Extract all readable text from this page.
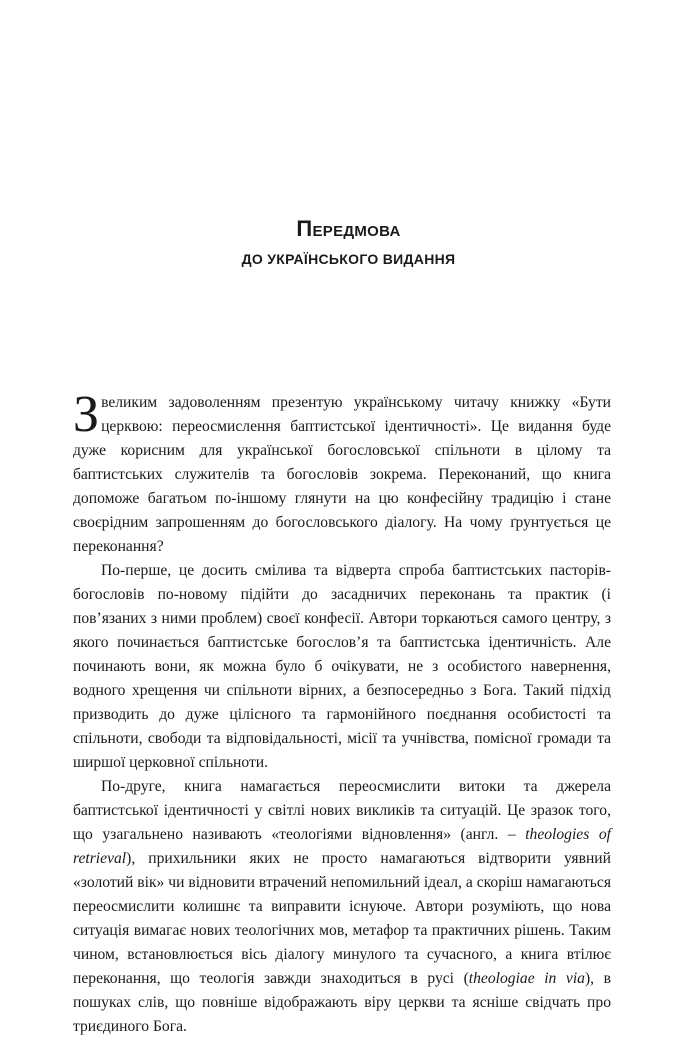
Передмова
ДО УКРАЇНСЬКОГО ВИДАННЯ

З великим задоволенням презентую українському читачу книжку «Бути церквою: переосмислення баптистської ідентичності». Це видання буде дуже корисним для української богословської спільноти в цілому та баптистських служителів та богословів зокрема. Переконаний, що книга допоможе багатьом по-іншому глянути на цю конфесійну традицію і стане своєрідним запрошенням до богословського діалогу. На чому ґрунтується це переконання?

По-перше, це досить смілива та відверта спроба баптистських пасторів-богословів по-новому підійти до засадничих переконань та практик (і пов’язаних з ними проблем) своєї конфесії. Автори торкаються самого центру, з якого починається баптистське богослов’я та баптистська ідентичність. Але починають вони, як можна було б очікувати, не з особистого навернення, водного хрещення чи спільноти вірних, а безпосередньо з Бога. Такий підхід призводить до дуже цілісного та гармонійного поєднання особистості та спільноти, свободи та відповідальності, місії та учнівства, помісної громади та ширшої церковної спільноти.

По-друге, книга намагається переосмислити витоки та джерела баптистської ідентичності у світлі нових викликів та ситуацій. Це зразок того, що узагальнено називають «теологіями відновлення» (англ. – theologies of retrieval), прихильники яких не просто намагаються відтворити уявний «золотий вік» чи відновити втрачений непомильний ідеал, а скоріш намагаються переосмислити колишнє та виправити існуюче. Автори розуміють, що нова ситуація вимагає нових теологічних мов, метафор та практичних рішень. Таким чином, встановлюється вісь діалогу минулого та сучасного, а книга втілює переконання, що теологія завжди знаходиться в русі (theologiae in via), в пошуках слів, що повніше відображають віру церкви та ясніше свідчать про триєдиного Бога.
